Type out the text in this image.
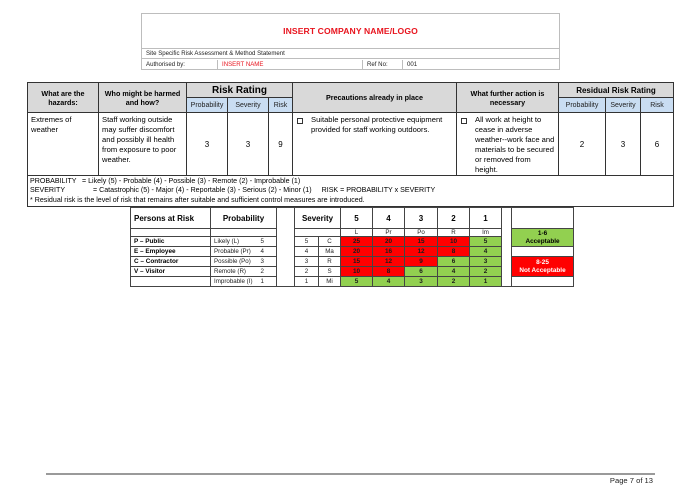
INSERT COMPANY NAME/LOGO
Site Specific Risk Assessment & Method Statement
Authorised by:	INSERT NAME	Ref No:	001
What are the hazards:	Who might be harmed and how?	Risk Rating			Precautions already in place	What further action is necessary	Residual Risk Rating		
		Probability	Severity	Risk			Probability	Severity	Risk
Extremes of weather	Staff working outside may suffer discomfort and possibly ill health from exposure to poor weather.	3	3	9	Suitable personal protective equipment provided for staff working outdoors.	All work at height to cease in adverse weather--work face and materials to be secured or removed from height.	2	3	6

PROBABILITY = Likely (5) - Probable (4) - Possible (3) - Remote (2) - Improbable (1)
SEVERITY = Catastrophic (5) - Major (4) - Reportable (3) - Serious (2) - Minor (1) RISK = PROBABILITY x SEVERITY
* Residual risk is the level of risk that remains after suitable and sufficient control measures are introduced.									
Persons at Risk	Probability			Severity		5	4	3	2	1		
						L	Pr	Po	R	Im		1-6
Acceptable

P – Public	Likely (L)	5		5	C	25	20	15	10	5		
E – Employee	Probable (Pr)	4		4	Ma	20	16	12	8	4		
C – Contractor	Possible (Po)	3		3	R	15	12	9	6	3		8-25
Not Acceptable

V – Visitor	Remote (R)	2		2	S	10	8	6	4	2		
	Improbable (I)	1		1	Mi	5	4	3	2	1		
Page 7 of 13
